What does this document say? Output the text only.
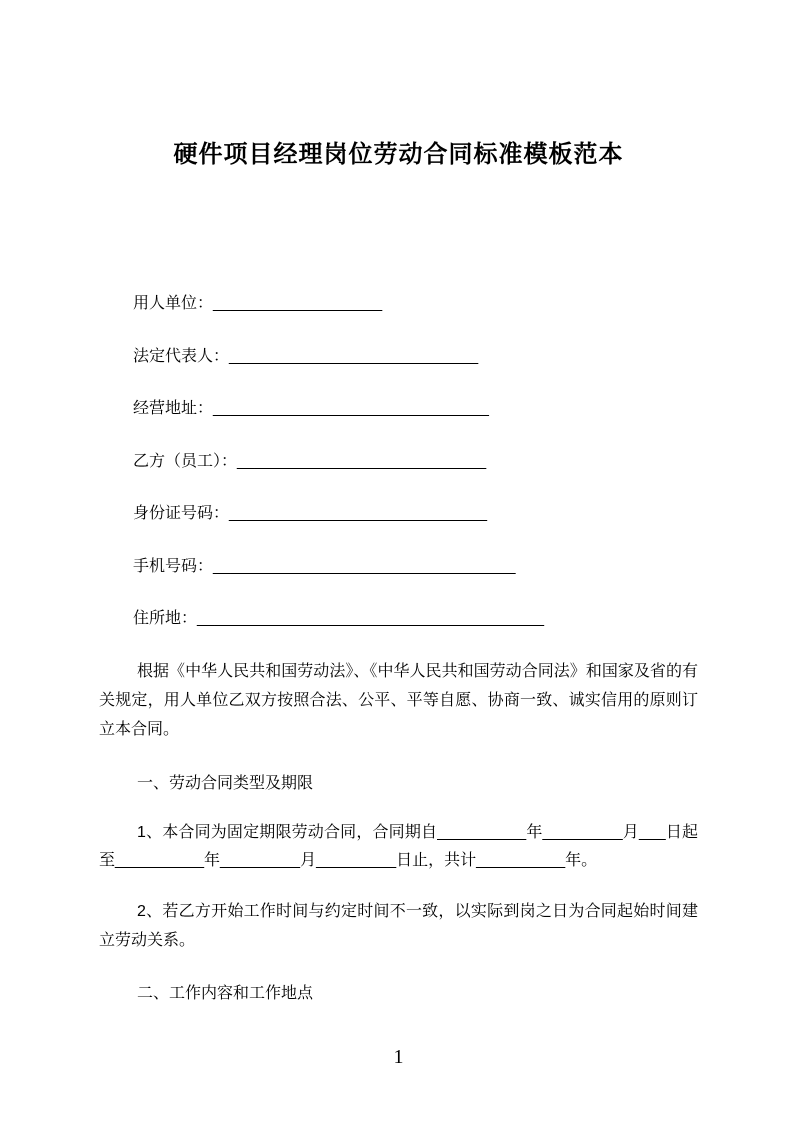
硬件项目经理岗位劳动合同标准模板范本
用人单位：___________________
法定代表人：____________________________
经营地址：_______________________________
乙方（员工）：____________________________
身份证号码：_____________________________
手机号码：__________________________________
住所地：_______________________________________

根据《中华人民共和国劳动法》、《中华人民共和国劳动合同法》和国家及省的有关规定，用人单位乙双方按照合法、公平、平等自愿、协商一致、诚实信用的原则订立本合同。

一、劳动合同类型及期限

1、本合同为固定期限劳动合同，合同期自__________年_________月___日起至__________年_________月_________日止，共计__________年。

2、若乙方开始工作时间与约定时间不一致，以实际到岗之日为合同起始时间建立劳动关系。

二、工作内容和工作地点

1
